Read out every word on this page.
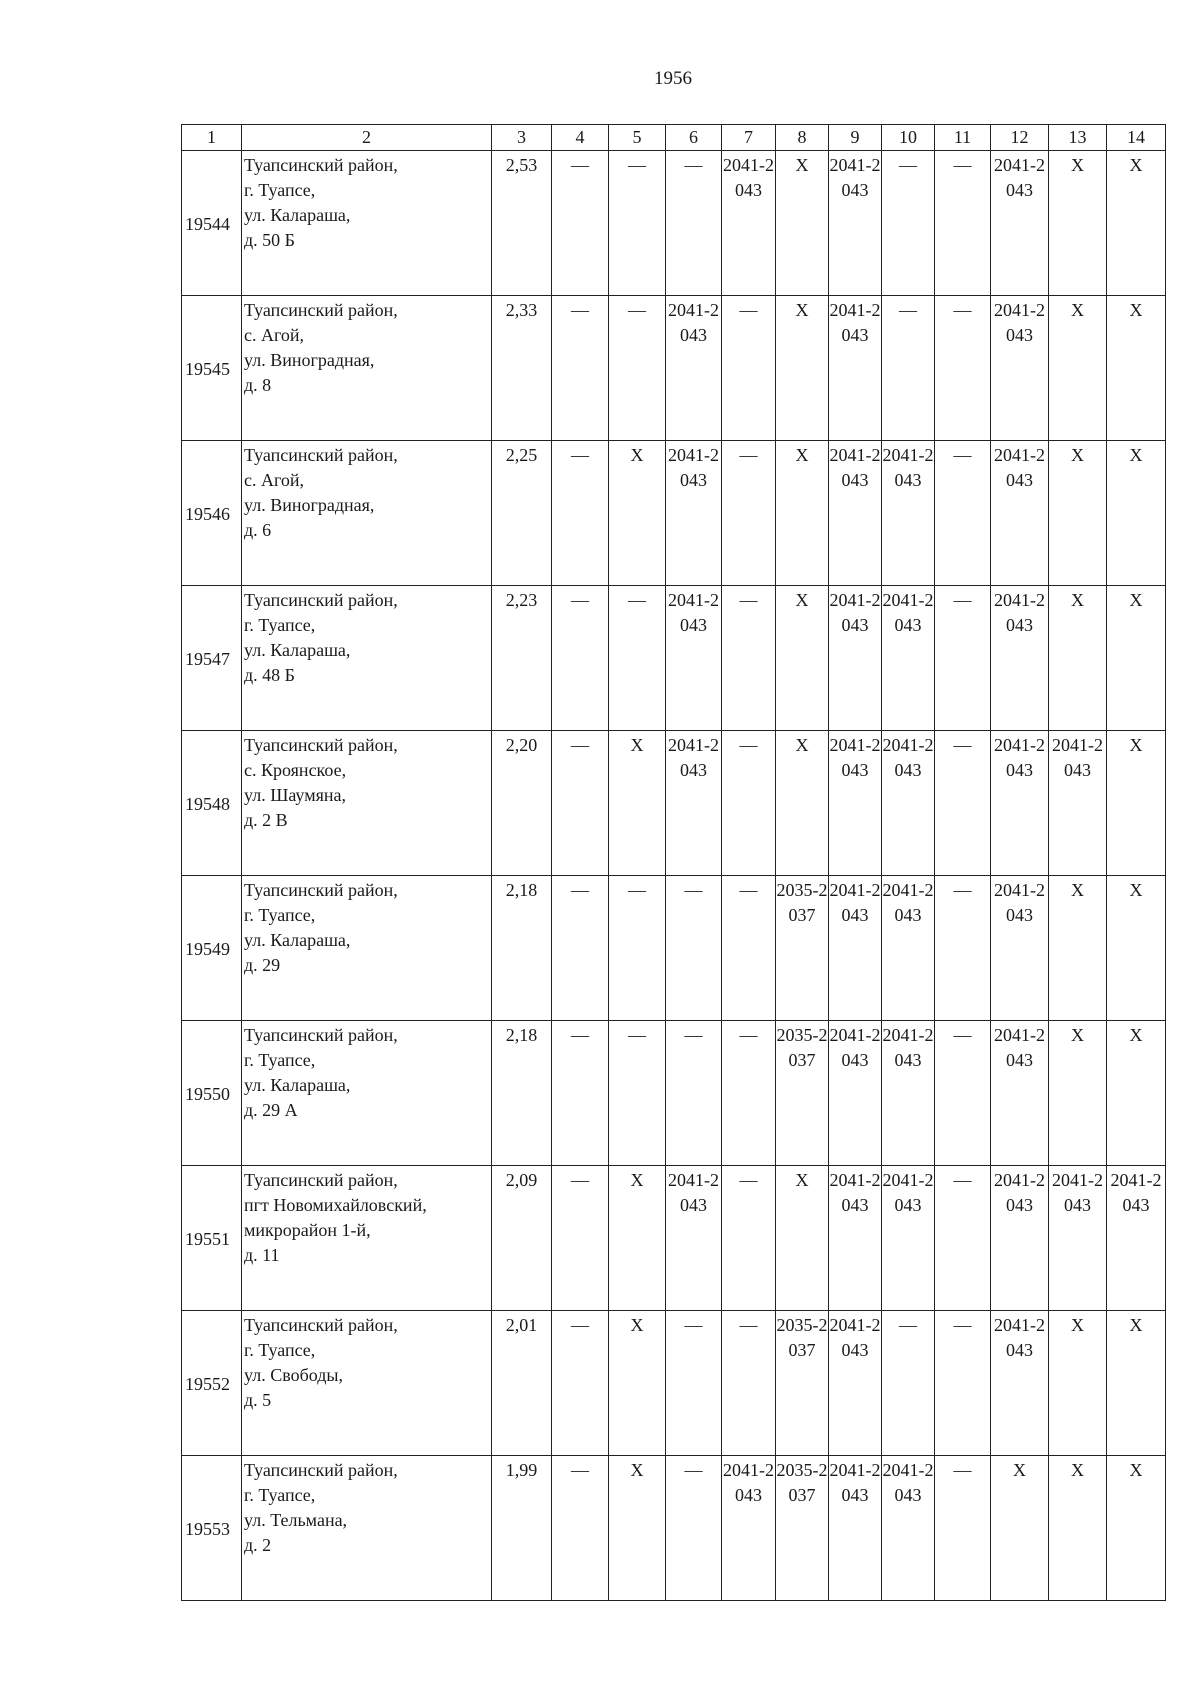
1956
1	2	3	4	5	6	7	8	9	10	11	12	13	14
19544	Туапсинский район,
г. Туапсе,
ул. Калараша,
д. 50 Б	2,53	—	—	—	2041-2043	X	2041-2043	—	—	2041-2043	X	X
19545	Туапсинский район,
с. Агой,
ул. Виноградная,
д. 8	2,33	—	—	2041-2043	—	X	2041-2043	—	—	2041-2043	X	X
19546	Туапсинский район,
с. Агой,
ул. Виноградная,
д. 6	2,25	—	X	2041-2043	—	X	2041-2043	2041-2043	—	2041-2043	X	X
19547	Туапсинский район,
г. Туапсе,
ул. Калараша,
д. 48 Б	2,23	—	—	2041-2043	—	X	2041-2043	2041-2043	—	2041-2043	X	X
19548	Туапсинский район,
с. Кроянское,
ул. Шаумяна,
д. 2 В	2,20	—	X	2041-2043	—	X	2041-2043	2041-2043	—	2041-2043	2041-2043	X
19549	Туапсинский район,
г. Туапсе,
ул. Калараша,
д. 29	2,18	—	—	—	—	2035-2037	2041-2043	2041-2043	—	2041-2043	X	X
19550	Туапсинский район,
г. Туапсе,
ул. Калараша,
д. 29 А	2,18	—	—	—	—	2035-2037	2041-2043	2041-2043	—	2041-2043	X	X
19551	Туапсинский район,
пгт Новомихайловский,
микрорайон 1-й,
д. 11	2,09	—	X	2041-2043	—	X	2041-2043	2041-2043	—	2041-2043	2041-2043	2041-2043
19552	Туапсинский район,
г. Туапсе,
ул. Свободы,
д. 5	2,01	—	X	—	—	2035-2037	2041-2043	—	—	2041-2043	X	X
19553	Туапсинский район,
г. Туапсе,
ул. Тельмана,
д. 2	1,99	—	X	—	2041-2043	2035-2037	2041-2043	2041-2043	—	X	X	X
